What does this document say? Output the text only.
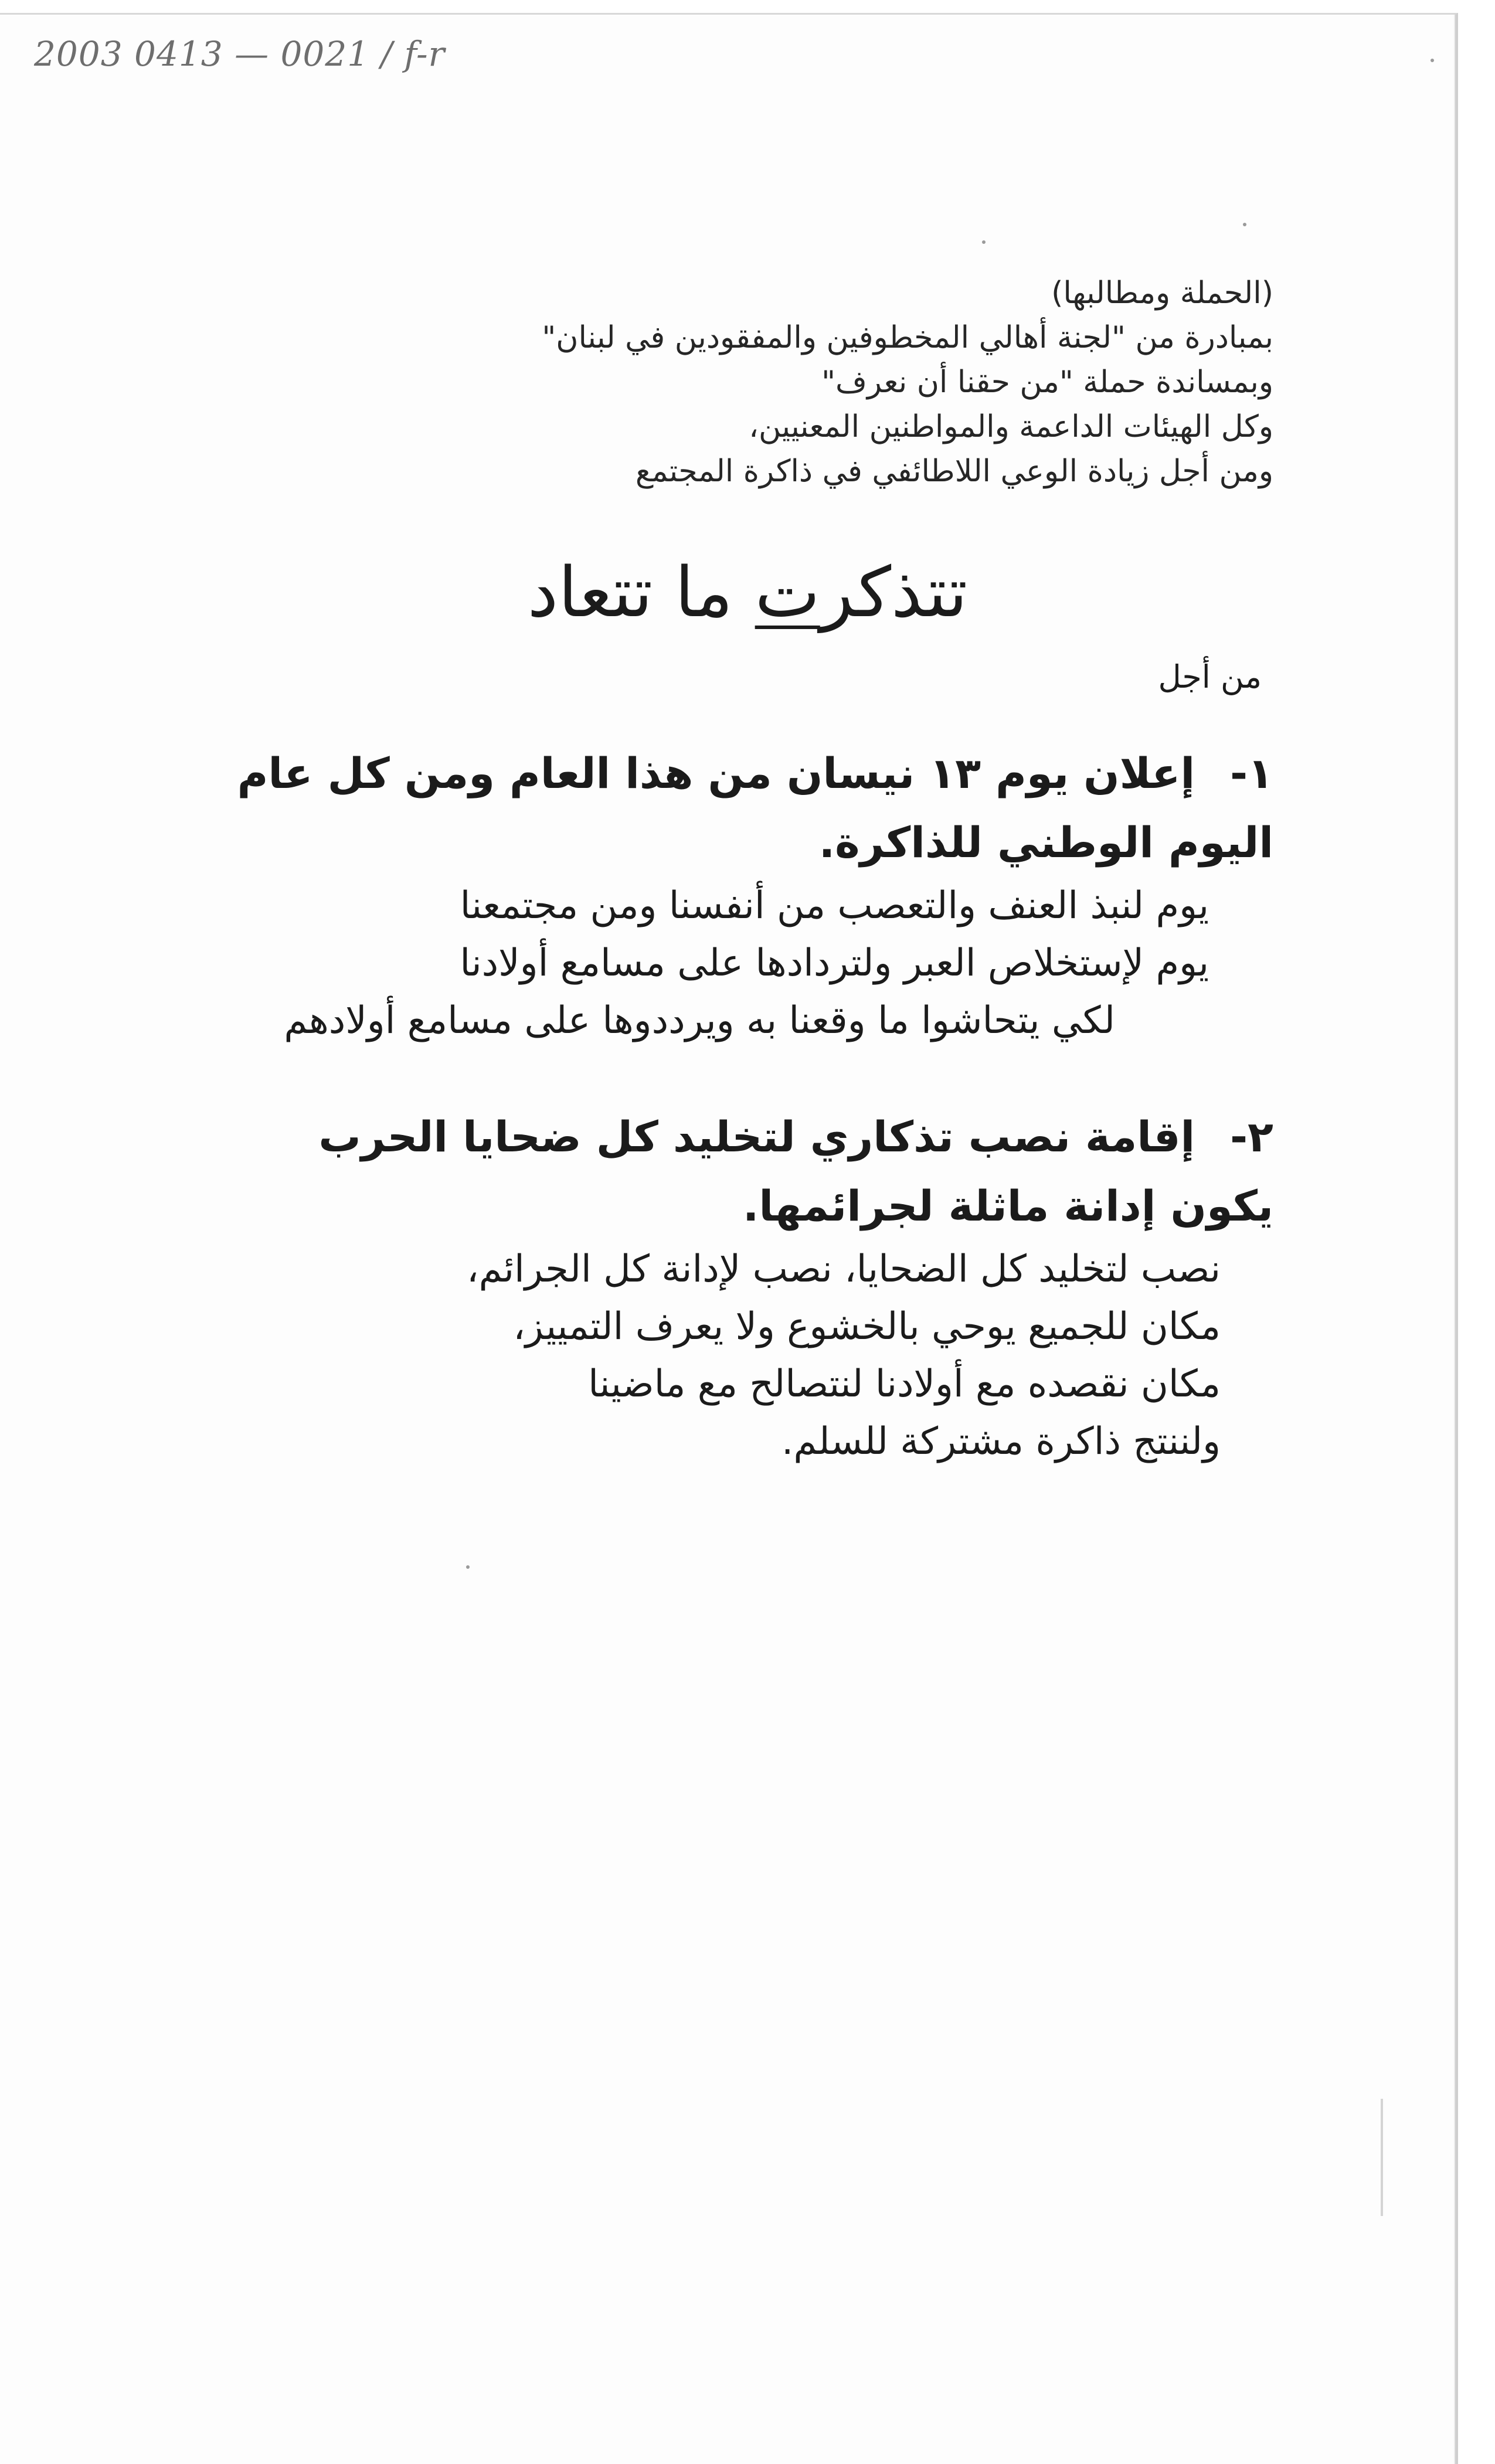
2003 0413 — 0021 / f-r
(الحملة ومطالبها)
بمبادرة من "لجنة أهالي المخطوفين والمفقودين في لبنان"
وبمساندة حملة "من حقنا أن نعرف"
وكل الهيئات الداعمة والمواطنين المعنيين،
ومن أجل زيادة الوعي اللاطائفي في ذاكرة المجتمع
تتذكرت ما تتعاد
من أجل
١-إعلان يوم ١٣ نيسان من هذا العام ومن كل عام
اليوم الوطني للذاكرة.
يوم لنبذ العنف والتعصب من أنفسنا ومن مجتمعنا
يوم لإستخلاص العبر ولتردادها على مسامع أولادنا
لكي يتحاشوا ما وقعنا به ويرددوها على مسامع أولادهم
٢-إقامة نصب تذكاري لتخليد كل ضحايا الحرب
يكون إدانة ماثلة لجرائمها.
نصب لتخليد كل الضحايا، نصب لإدانة كل الجرائم،
مكان للجميع يوحي بالخشوع ولا يعرف التمييز،
مكان نقصده مع أولادنا لنتصالح مع ماضينا
ولننتج ذاكرة مشتركة للسلم.
